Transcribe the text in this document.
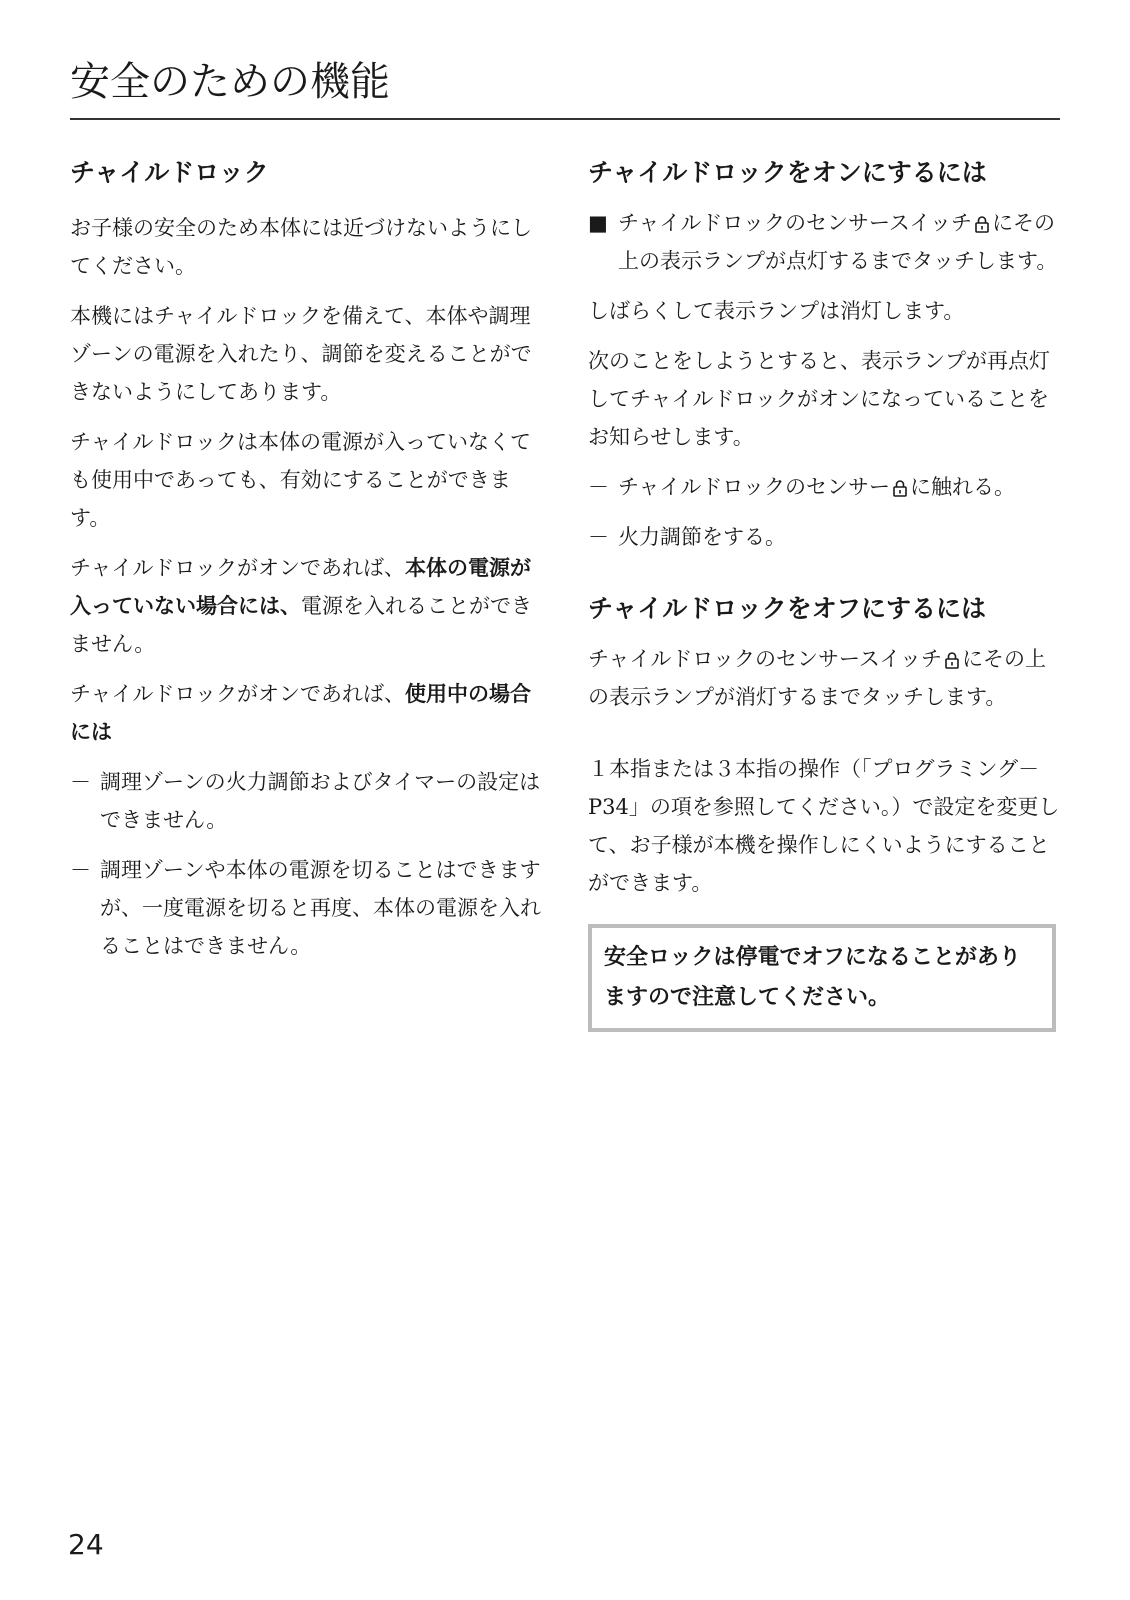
安全のための機能
チャイルドロック

お子様の安全のため本体には近づけないようにしてください。

本機にはチャイルドロックを備えて、本体や調理ゾーンの電源を入れたり、調節を変えることができないようにしてあります。

チャイルドロックは本体の電源が入っていなくても使用中であっても、有効にすることができます。

チャイルドロックがオンであれば、本体の電源が入っていない場合には、電源を入れることができません。

チャイルドロックがオンであれば、使用中の場合には

－ 調理ゾーンの火力調節およびタイマーの設定はできません。

－ 調理ゾーンや本体の電源を切ることはできますが、一度電源を切ると再度、本体の電源を入れることはできません。

チャイルドロックをオンにするには

■ チャイルドロックのセンサースイッチ にその上の表示ランプが点灯するまでタッチします。

しばらくして表示ランプは消灯します。

次のことをしようとすると、表示ランプが再点灯してチャイルドロックがオンになっていることをお知らせします。

－ チャイルドロックのセンサー に触れる。

－ 火力調節をする。

チャイルドロックをオフにするには

チャイルドロックのセンサースイッチ にその上の表示ランプが消灯するまでタッチします。

１本指または３本指の操作（「プログラミング－P34」の項を参照してください。）で設定を変更して、お子様が本機を操作しにくいようにすることができます。

安全ロックは停電でオフになることがありますので注意してください。

24
